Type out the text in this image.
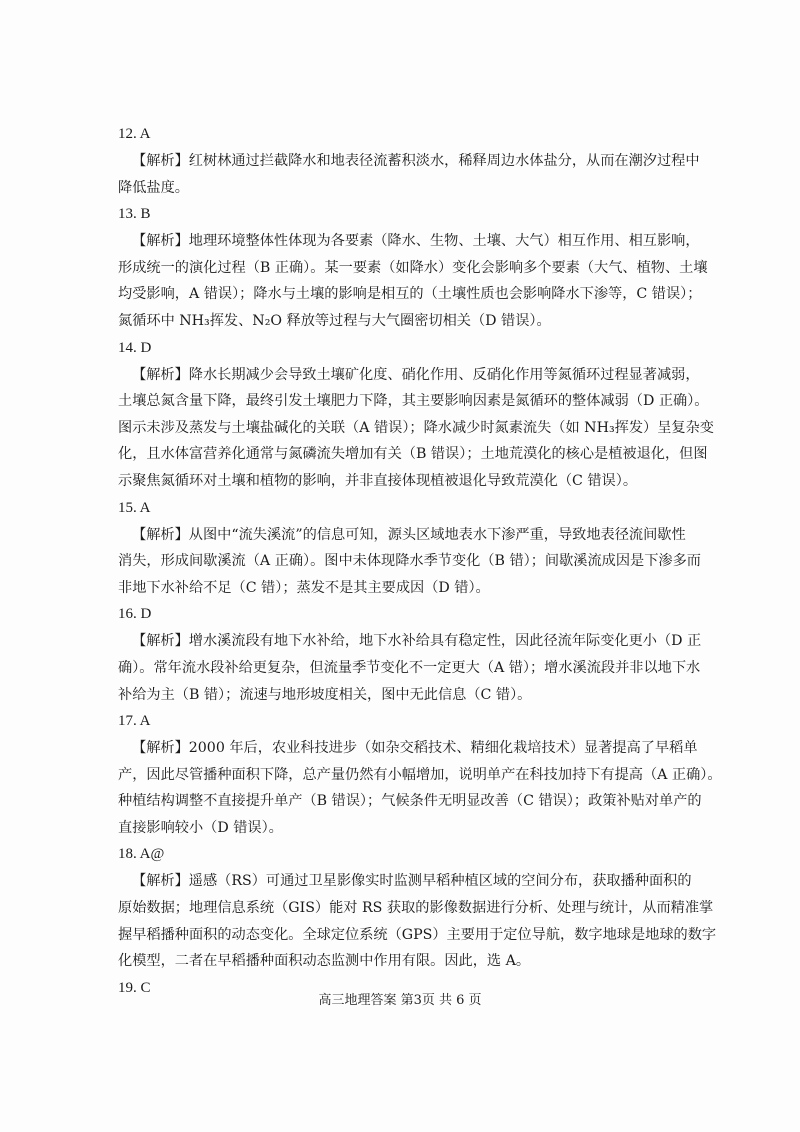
12. A
【解析】红树林通过拦截降水和地表径流蓄积淡水，稀释周边水体盐分，从而在潮汐过程中
降低盐度。
13. B
【解析】地理环境整体性体现为各要素（降水、生物、土壤、大气）相互作用、相互影响，
形成统一的演化过程（B 正确）。某一要素（如降水）变化会影响多个要素（大气、植物、土壤
均受影响，A 错误）；降水与土壤的影响是相互的（土壤性质也会影响降水下渗等，C 错误）；
氮循环中 NH₃挥发、N₂O 释放等过程与大气圈密切相关（D 错误）。
14. D
【解析】降水长期减少会导致土壤矿化度、硝化作用、反硝化作用等氮循环过程显著减弱，
土壤总氮含量下降，最终引发土壤肥力下降，其主要影响因素是氮循环的整体减弱（D 正确）。
图示未涉及蒸发与土壤盐碱化的关联（A 错误）；降水减少时氮素流失（如 NH₃挥发）呈复杂变
化，且水体富营养化通常与氮磷流失增加有关（B 错误）；土地荒漠化的核心是植被退化，但图
示聚焦氮循环对土壤和植物的影响，并非直接体现植被退化导致荒漠化（C 错误）。
15. A
【解析】从图中“流失溪流”的信息可知，源头区域地表水下渗严重，导致地表径流间歇性
消失，形成间歇溪流（A 正确）。图中未体现降水季节变化（B 错）；间歇溪流成因是下渗多而
非地下水补给不足（C 错）；蒸发不是其主要成因（D 错）。
16. D
【解析】增水溪流段有地下水补给，地下水补给具有稳定性，因此径流年际变化更小（D 正
确）。常年流水段补给更复杂，但流量季节变化不一定更大（A 错）；增水溪流段并非以地下水
补给为主（B 错）；流速与地形坡度相关，图中无此信息（C 错）。
17. A
【解析】2000 年后，农业科技进步（如杂交稻技术、精细化栽培技术）显著提高了早稻单
产，因此尽管播种面积下降，总产量仍然有小幅增加，说明单产在科技加持下有提高（A 正确）。
种植结构调整不直接提升单产（B 错误）；气候条件无明显改善（C 错误）；政策补贴对单产的
直接影响较小（D 错误）。
18. A@
【解析】遥感（RS）可通过卫星影像实时监测早稻种植区域的空间分布，获取播种面积的
原始数据；地理信息系统（GIS）能对 RS 获取的影像数据进行分析、处理与统计，从而精准掌
握早稻播种面积的动态变化。全球定位系统（GPS）主要用于定位导航，数字地球是地球的数字
化模型，二者在早稻播种面积动态监测中作用有限。因此，选 A。
19. C
高三地理答案 第3页 共 6 页
